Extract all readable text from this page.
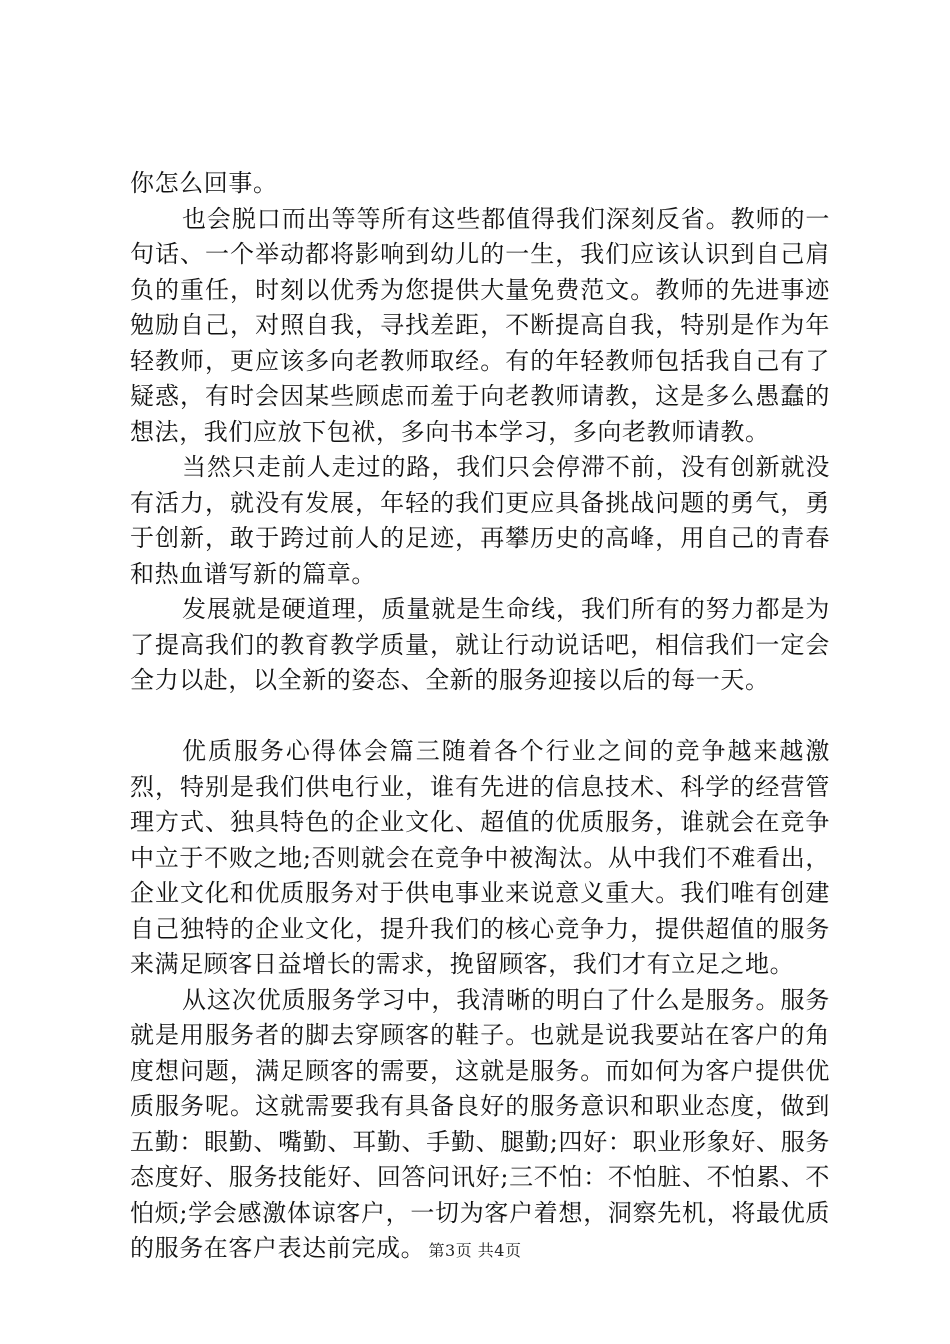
你怎么回事。

也会脱口而出等等所有这些都值得我们深刻反省。教师的一句话、一个举动都将影响到幼儿的一生，我们应该认识到自己肩负的重任，时刻以优秀为您提供大量免费范文。教师的先进事迹勉励自己，对照自我，寻找差距，不断提高自我，特别是作为年轻教师，更应该多向老教师取经。有的年轻教师包括我自己有了疑惑，有时会因某些顾虑而羞于向老教师请教，这是多么愚蠢的想法，我们应放下包袱，多向书本学习，多向老教师请教。

当然只走前人走过的路，我们只会停滞不前，没有创新就没有活力，就没有发展，年轻的我们更应具备挑战问题的勇气，勇于创新，敢于跨过前人的足迹，再攀历史的高峰，用自己的青春和热血谱写新的篇章。

发展就是硬道理，质量就是生命线，我们所有的努力都是为了提高我们的教育教学质量，就让行动说话吧，相信我们一定会全力以赴，以全新的姿态、全新的服务迎接以后的每一天。

优质服务心得体会篇三随着各个行业之间的竞争越来越激烈，特别是我们供电行业，谁有先进的信息技术、科学的经营管理方式、独具特色的企业文化、超值的优质服务，谁就会在竞争中立于不败之地;否则就会在竞争中被淘汰。从中我们不难看出，企业文化和优质服务对于供电事业来说意义重大。我们唯有创建自己独特的企业文化，提升我们的核心竞争力，提供超值的服务来满足顾客日益增长的需求，挽留顾客，我们才有立足之地。

从这次优质服务学习中，我清晰的明白了什么是服务。服务就是用服务者的脚去穿顾客的鞋子。也就是说我要站在客户的角度想问题，满足顾客的需要，这就是服务。而如何为客户提供优质服务呢。这就需要我有具备良好的服务意识和职业态度，做到五勤：眼勤、嘴勤、耳勤、手勤、腿勤;四好：职业形象好、服务态度好、服务技能好、回答问讯好;三不怕：不怕脏、不怕累、不怕烦;学会感激体谅客户，一切为客户着想，洞察先机，将最优质的服务在客户表达前完成。 第3页 共4页
